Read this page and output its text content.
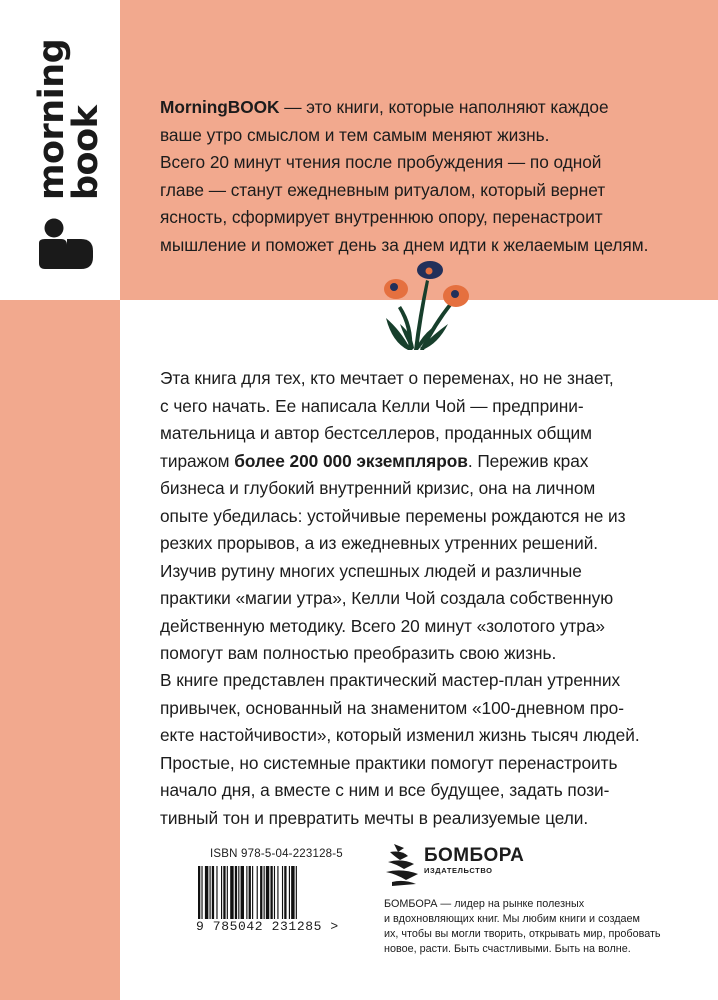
morning
book	MorningBOOK — это книги, которые наполняют каждое

ваше утро смыслом и тем самым меняют жизнь.

Всего 20 минут чтения после пробуждения — по одной

главе — станут ежедневным ритуалом, который вернет

ясность, сформирует внутреннюю опору, перенастроит

мышление и поможет день за днем идти к желаемым целям.

Эта книга для тех, кто мечтает о переменах, но не знает,

с чего начать. Ее написала Келли Чой — предприни-

мательница и автор бестселлеров, проданных общим

тиражом более 200 000 экземпляров. Пережив крах

бизнеса и глубокий внутренний кризис, она на личном

опыте убедилась: устойчивые перемены рождаются не из

резких прорывов, а из ежедневных утренних решений.

Изучив рутину многих успешных людей и различные

практики «магии утра», Келли Чой создала собственную

действенную методику. Всего 20 минут «золотого утра»

помогут вам полностью преобразить свою жизнь.

В книге представлен практический мастер-план утренних

привычек, основанный на знаменитом «100-дневном про-

екте настойчивости», который изменил жизнь тысяч людей.

Простые, но системные практики помогут перенастроить

начало дня, а вместе с ним и все будущее, задать пози-

тивный тон и превратить мечты в реализуемые цели.

ISBN 978-5-04-223128-5
9 785042 231285 >
БОМБОРА
ИЗДАТЕЛЬСТВО

БОМБОРА — лидер на рынке полезных

и вдохновляющих книг. Мы любим книги и создаем

их, чтобы вы могли творить, открывать мир, пробовать

новое, расти. Быть счастливыми. Быть на волне.
